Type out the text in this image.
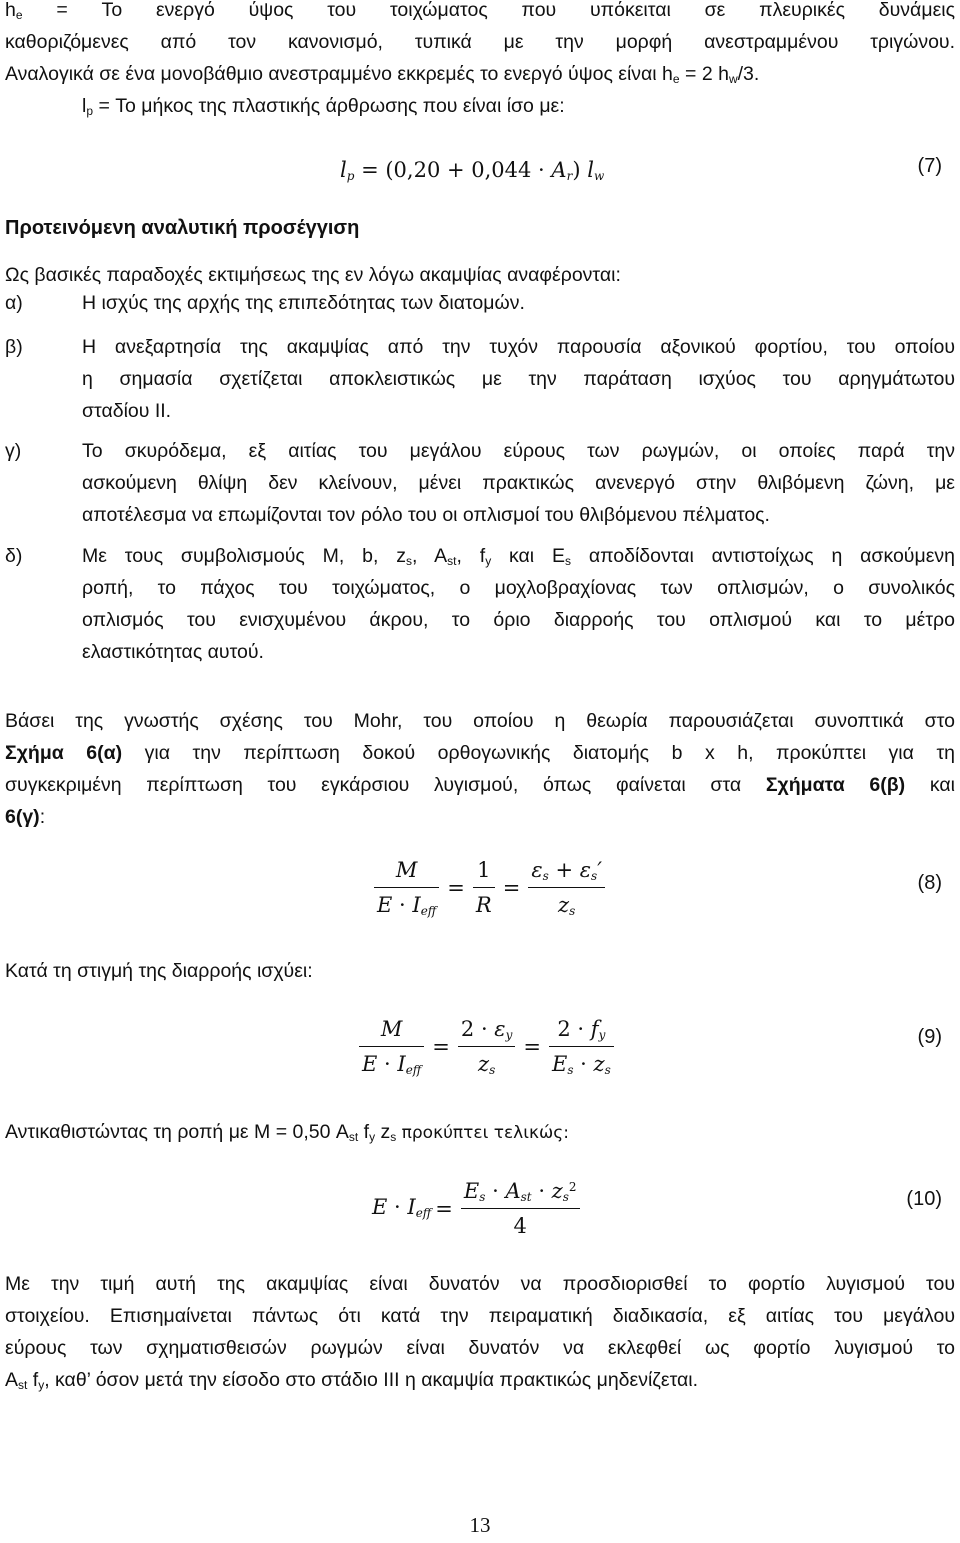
$h_e = To$ ενεργό ύψος του τοιχώματος που υπόκειται σε πλευρικές δυνάμεις
καθοριζόμενες από τον κανονισμό, τυπικά με την μορφή ανεστραμμένου τριγώνου.
Αναλογικά σε ένα μονοβάθμιο ανεστραμμένο εκκρεμές το ενεργό ύψος είναι $h_e = 2$ $h_w/3$.
$l_p = To$ μήκος της πλαστικής άρθρωσης που είναι ίσο με:
$l_p = (0,20 + 0,044 \cdot A_r)$ $l_w$	(7)
Προτεινόμενη αναλυτική προσέγγιση
Ως βασικές παραδοχές εκτιμήσεως της εν λόγω ακαμψίας αναφέρονται:
α)	Η ισχύς της αρχής της επιπεδότητας των διατομών.
β)	Η ανεξαρτησία της ακαμψίας από την τυχόν παρουσία αξονικού φορτίου, του οποίου
η σημασία σχετίζεται αποκλειστικώς με την παράταση ισχύος του αρηγμάτωτου
σταδίου ΙΙ.
γ)	Το σκυρόδεμα, εξ αιτίας του μεγάλου εύρους των ρωγμών, οι οποίες παρά την
ασκούμενη θλίψη δεν κλείνουν, μένει πρακτικώς ανενεργό στην θλιβόμενη ζώνη, με
αποτέλεσμα να επωμίζονται τον ρόλο του οι οπλισμοί του θλιβόμενου πέλματος.
δ)	Με τους συμβολισμούς Μ, b, $z_s$, $A_{st}$, $f_y$ και $E_s$ αποδίδονται αντιστοίχως η ασκούμενη
ροπή, το πάχος του τοιχώματος, ο μοχλοβραχίονας των οπλισμών, ο συνολικός
οπλισμός του ενισχυμένου άκρου, το όριο διαρροής του οπλισμού και το μέτρο
ελαστικότητας αυτού.
Βάσει της γνωστής σχέσης του Mohr, του οποίου η θεωρία παρουσιάζεται συνοπτικά στο
Σχήμα 6(α) για την περίπτωση δοκού ορθογωνικής διατομής b x h, προκύπτει για τη
συγκεκριμένη περίπτωση του εγκάρσιου λυγισμού, όπως φαίνεται στα Σχήματα 6(β) και
6(γ):
$\frac{M}{E \cdot I_{eff}} = \frac{1}{R} = \frac{\varepsilon_s + \varepsilon_s'}{z_s}$	(8)
Κατά τη στιγμή της διαρροής ισχύει:
$\frac{M}{E \cdot I_{eff}} = \frac{2 \cdot \varepsilon_y}{z_s} = \frac{2 \cdot f_y}{E_s \cdot z_s}$	(9)
Αντικαθιστώντας τη ροπή με Μ = 0,50 $A_{st}$ $f_y$ $z_s$ προκύπτει τελικώς:
$E \cdot I_{eff} = \frac{E_s \cdot A_{st} \cdot z_s^2}{4}$	(10)
Με την τιμή αυτή της ακαμψίας είναι δυνατόν να προσδιορισθεί το φορτίο λυγισμού του
στοιχείου. Επισημαίνεται πάντως ότι κατά την πειραματική διαδικασία, εξ αιτίας του μεγάλου
εύρους των σχηματισθεισών ρωγμών είναι δυνατόν να εκλεφθεί ως φορτίο λυγισμού το
$A_{st}$ $f_y$, καθ’ όσον μετά την είσοδο στο στάδιο ΙΙΙ η ακαμψία πρακτικώς μηδενίζεται.
13
